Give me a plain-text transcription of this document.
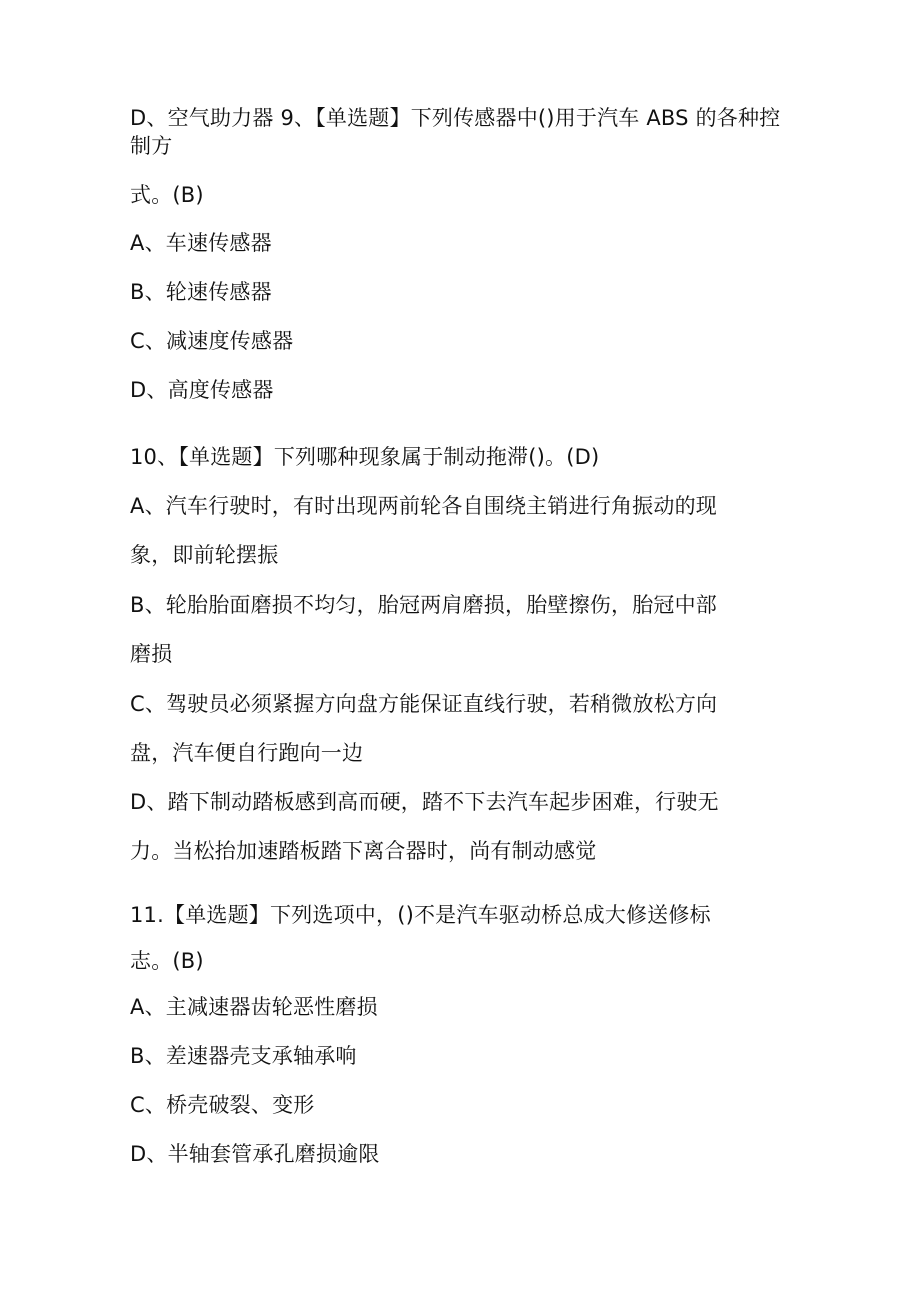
D、空气助力器 9、【单选题】下列传感器中()用于汽车 ABS 的各种控制方
式。(B)
A、车速传感器
B、轮速传感器
C、减速度传感器
D、高度传感器
10、【单选题】下列哪种现象属于制动拖滞()。(D)
A、汽车行驶时，有时出现两前轮各自围绕主销进行角振动的现
象，即前轮摆振
B、轮胎胎面磨损不均匀，胎冠两肩磨损，胎壁擦伤，胎冠中部
磨损
C、驾驶员必须紧握方向盘方能保证直线行驶，若稍微放松方向
盘，汽车便自行跑向一边
D、踏下制动踏板感到高而硬，踏不下去汽车起步困难，行驶无
力。当松抬加速踏板踏下离合器时，尚有制动感觉
11.【单选题】下列选项中，()不是汽车驱动桥总成大修送修标
志。(B)
A、主减速器齿轮恶性磨损
B、差速器壳支承轴承响
C、桥壳破裂、变形
D、半轴套管承孔磨损逾限
